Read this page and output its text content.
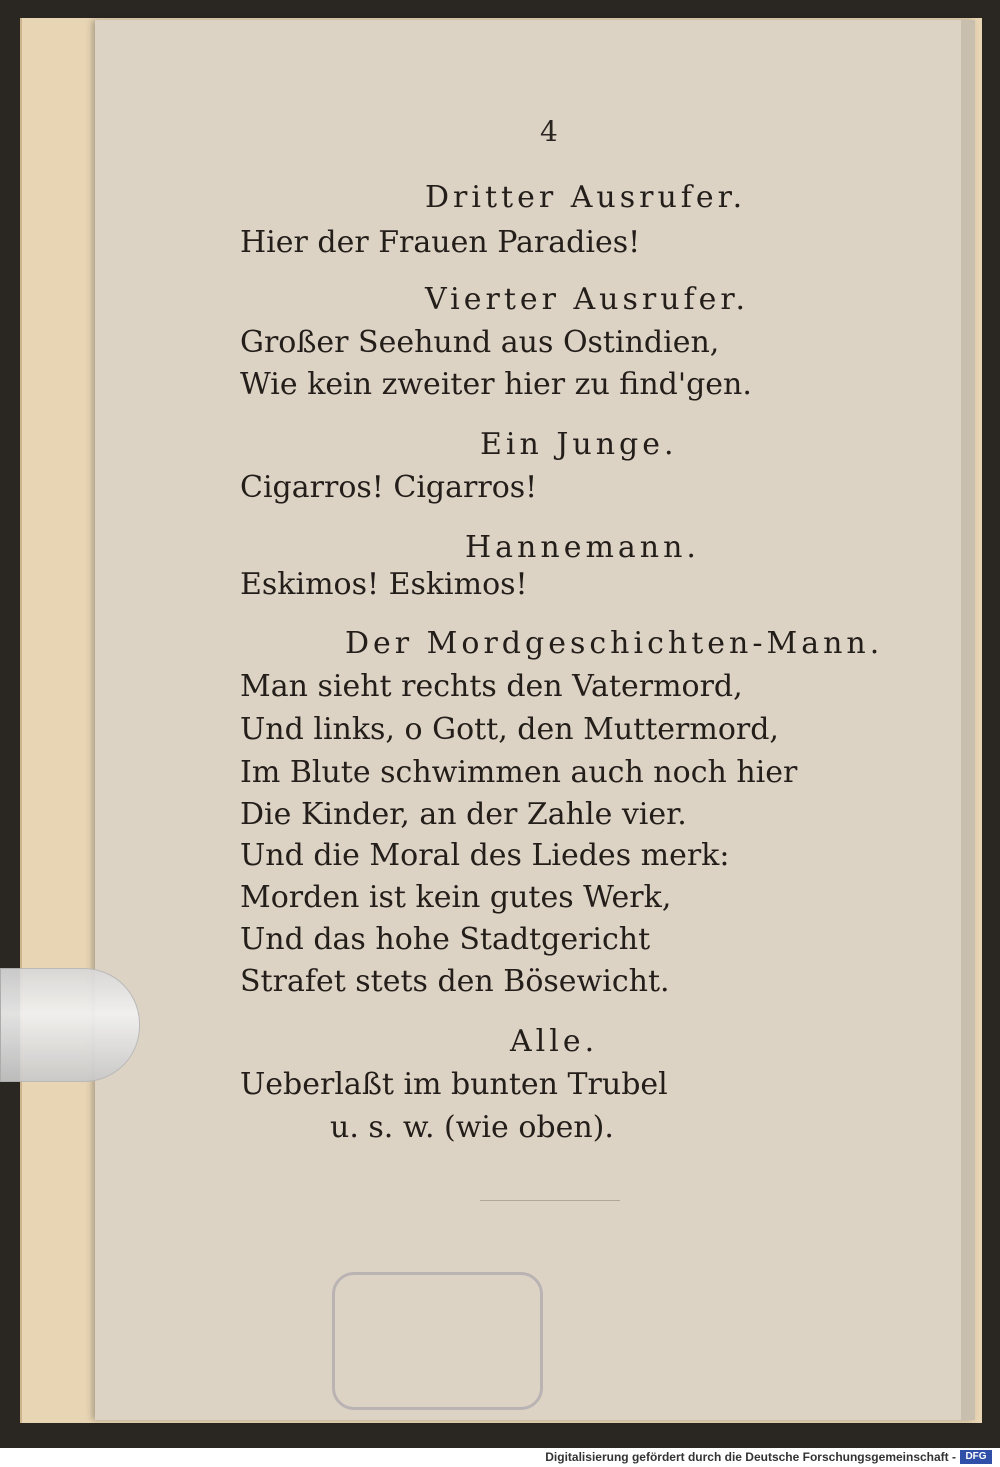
4
Dritter Ausrufer.
Hier der Frauen Paradies!
Vierter Ausrufer.
Großer Seehund aus Ostindien,
Wie kein zweiter hier zu find'gen.
Ein Junge.
Cigarros! Cigarros!
Hannemann.
Eskimos! Eskimos!
Der Mordgeschichten-Mann.
Man sieht rechts den Vatermord,
Und links, o Gott, den Muttermord,
Im Blute schwimmen auch noch hier
Die Kinder, an der Zahle vier.
Und die Moral des Liedes merk:
Morden ist kein gutes Werk,
Und das hohe Stadtgericht
Strafet stets den Bösewicht.
Alle.
Ueberlaßt im bunten Trubel
u. s. w. (wie oben).
Digitalisierung gefördert durch die Deutsche Forschungsgemeinschaft - DFG
